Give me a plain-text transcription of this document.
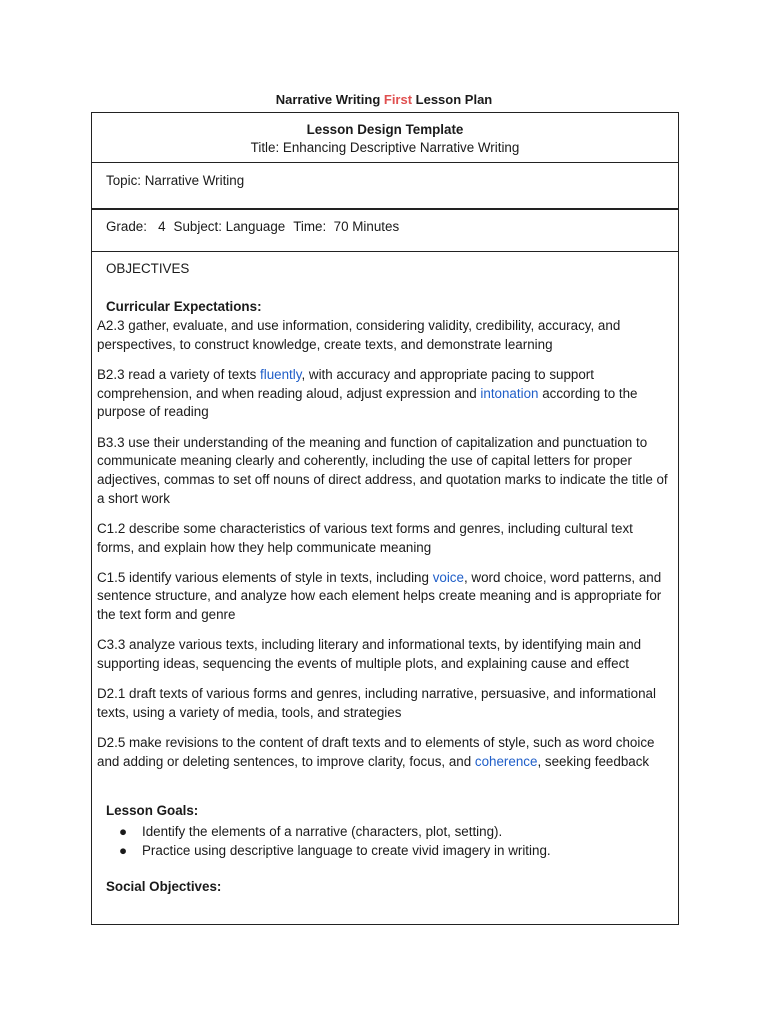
Narrative Writing First Lesson Plan
Lesson Design Template
Title: Enhancing Descriptive Narrative Writing

Topic: Narrative Writing
Grade:   4 Subject: Language Time:  70 Minutes

OBJECTIVES
Curricular Expectations:

A2.3 gather, evaluate, and use information, considering validity, credibility, accuracy, and perspectives, to construct knowledge, create texts, and demonstrate learning

B2.3 read a variety of texts fluently, with accuracy and appropriate pacing to support comprehension, and when reading aloud, adjust expression and intonation according to the purpose of reading

B3.3 use their understanding of the meaning and function of capitalization and punctuation to communicate meaning clearly and coherently, including the use of capital letters for proper adjectives, commas to set off nouns of direct address, and quotation marks to indicate the title of a short work

C1.2 describe some characteristics of various text forms and genres, including cultural text forms, and explain how they help communicate meaning

C1.5 identify various elements of style in texts, including voice, word choice, word patterns, and sentence structure, and analyze how each element helps create meaning and is appropriate for the text form and genre

C3.3 analyze various texts, including literary and informational texts, by identifying main and supporting ideas, sequencing the events of multiple plots, and explaining cause and effect

D2.1 draft texts of various forms and genres, including narrative, persuasive, and informational texts, using a variety of media, tools, and strategies

D2.5 make revisions to the content of draft texts and to elements of style, such as word choice and adding or deleting sentences, to improve clarity, focus, and coherence, seeking feedback

Lesson Goals:
● Identify the elements of a narrative (characters, plot, setting).
● Practice using descriptive language to create vivid imagery in writing.
Social Objectives:
